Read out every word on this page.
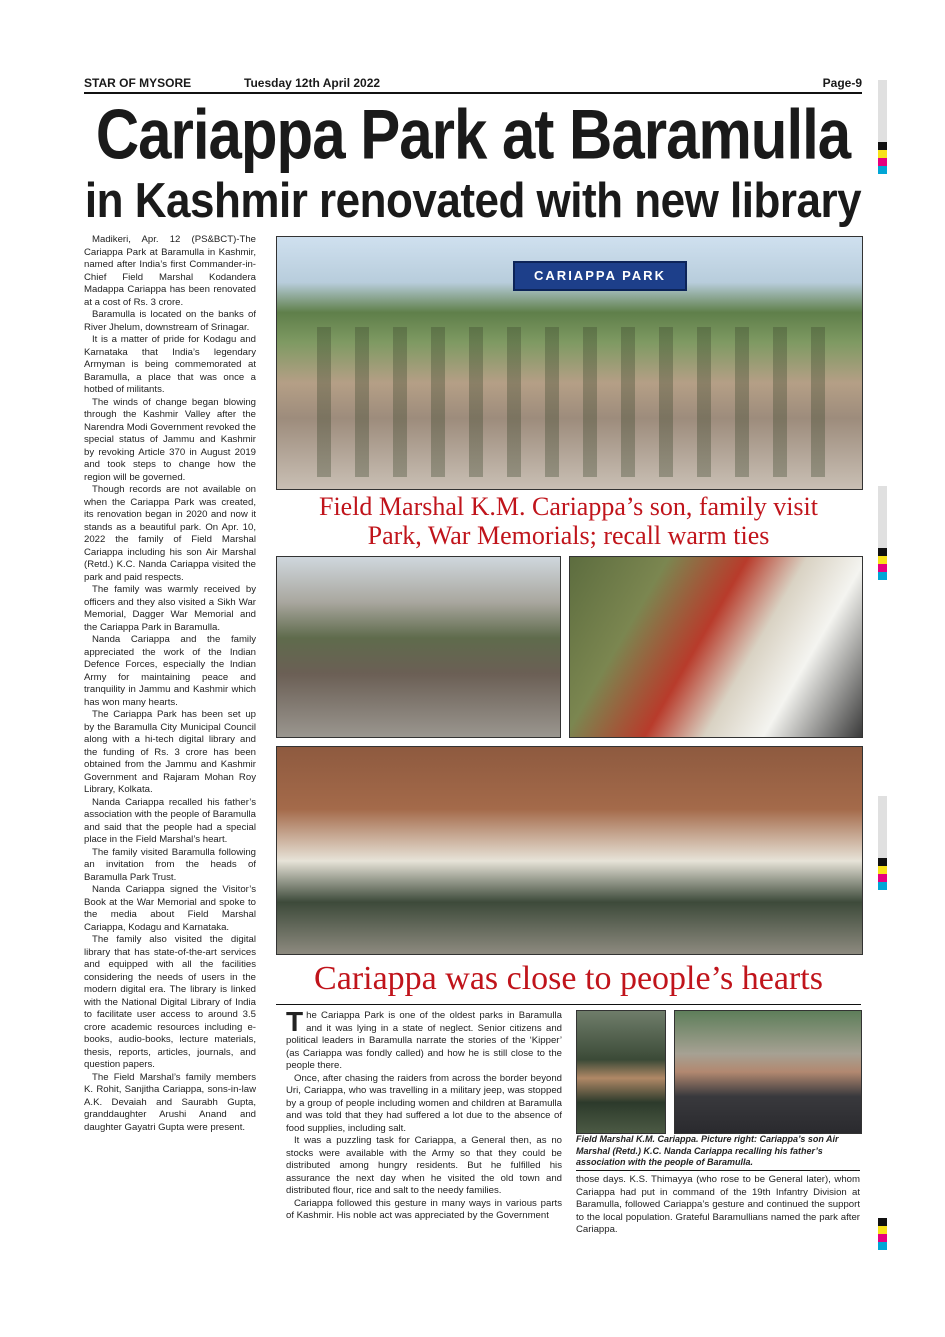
STAR OF MYSORE	Tuesday 12th April 2022	Page-9
Cariappa Park at Baramulla
in Kashmir renovated with new library

Madikeri, Apr. 12 (PS&BCT)-The Cariappa Park at Baramulla in Kashmir, named after India’s first Commander-in-Chief Field Marshal Kodandera Madappa Cariappa has been renovated at a cost of Rs. 3 crore.

Baramulla is located on the banks of River Jhelum, downstream of Srinagar.

It is a matter of pride for Kodagu and Karnataka that India’s legendary Armyman is being commemorated at Baramulla, a place that was once a hotbed of militants.

The winds of change began blowing through the Kashmir Valley after the Narendra Modi Government revoked the special status of Jammu and Kashmir by revoking Article 370 in August 2019 and took steps to change how the region will be governed.

Though records are not available on when the Cariappa Park was created, its renovation began in 2020 and now it stands as a beautiful park. On Apr. 10, 2022 the family of Field Marshal Cariappa including his son Air Marshal (Retd.) K.C. Nanda Cariappa visited the park and paid respects.

The family was warmly received by officers and they also visited a Sikh War Memorial, Dagger War Memorial and the Cariappa Park in Baramulla.

Nanda Cariappa and the family appreciated the work of the Indian Defence Forces, especially the Indian Army for maintaining peace and tranquility in Jammu and Kashmir which has won many hearts.

The Cariappa Park has been set up by the Baramulla City Municipal Council along with a hi-tech digital library and the funding of Rs. 3 crore has been obtained from the Jammu and Kashmir Government and Rajaram Mohan Roy Library, Kolkata.

Nanda Cariappa recalled his father’s association with the people of Baramulla and said that the people had a special place in the Field Marshal’s heart.

The family visited Baramulla following an invitation from the heads of Baramulla Park Trust.

Nanda Cariappa signed the Visitor’s Book at the War Memorial and spoke to the media about Field Marshal Cariappa, Kodagu and Karnataka.

The family also visited the digital library that has state-of-the-art services and equipped with all the facilities considering the needs of users in the modern digital era. The library is linked with the National Digital Library of India to facilitate user access to around 3.5 crore academic resources including e-books, audio-books, lecture materials, thesis, reports, articles, journals, and question papers.

The Field Marshal’s family members K. Rohit, Sanjitha Cariappa, sons-in-law A.K. Devaiah and Saurabh Gupta, granddaughter Arushi Anand and daughter Gayatri Gupta were present.

CARIAPPA PARK
Field Marshal K.M. Cariappa’s son, family visit
Park, War Memorials; recall warm ties
Cariappa was close to people’s hearts

The Cariappa Park is one of the oldest parks in Baramulla and it was lying in a state of neglect. Senior citizens and political leaders in Baramulla narrate the stories of the ‘Kipper’ (as Cariappa was fondly called) and how he is still close to the people there.

Once, after chasing the raiders from across the border beyond Uri, Cariappa, who was travelling in a military jeep, was stopped by a group of people including women and children at Baramulla and was told that they had suffered a lot due to the absence of food supplies, including salt.

It was a puzzling task for Cariappa, a General then, as no stocks were available with the Army so that they could be distributed among hungry residents. But he fulfilled his assurance the next day when he visited the old town and distributed flour, rice and salt to the needy families.

Cariappa followed this gesture in many ways in various parts of Kashmir. His noble act was appreciated by the Government

Field Marshal K.M. Cariappa. Picture right: Cariappa’s son Air Marshal (Retd.) K.C. Nanda Cariappa recalling his father’s association with the people of Baramulla.

those days. K.S. Thimayya (who rose to be General later), whom Cariappa had put in command of the 19th Infantry Division at Baramulla, followed Cariappa’s gesture and continued the support to the local population. Grateful Baramullians named the park after Cariappa.
